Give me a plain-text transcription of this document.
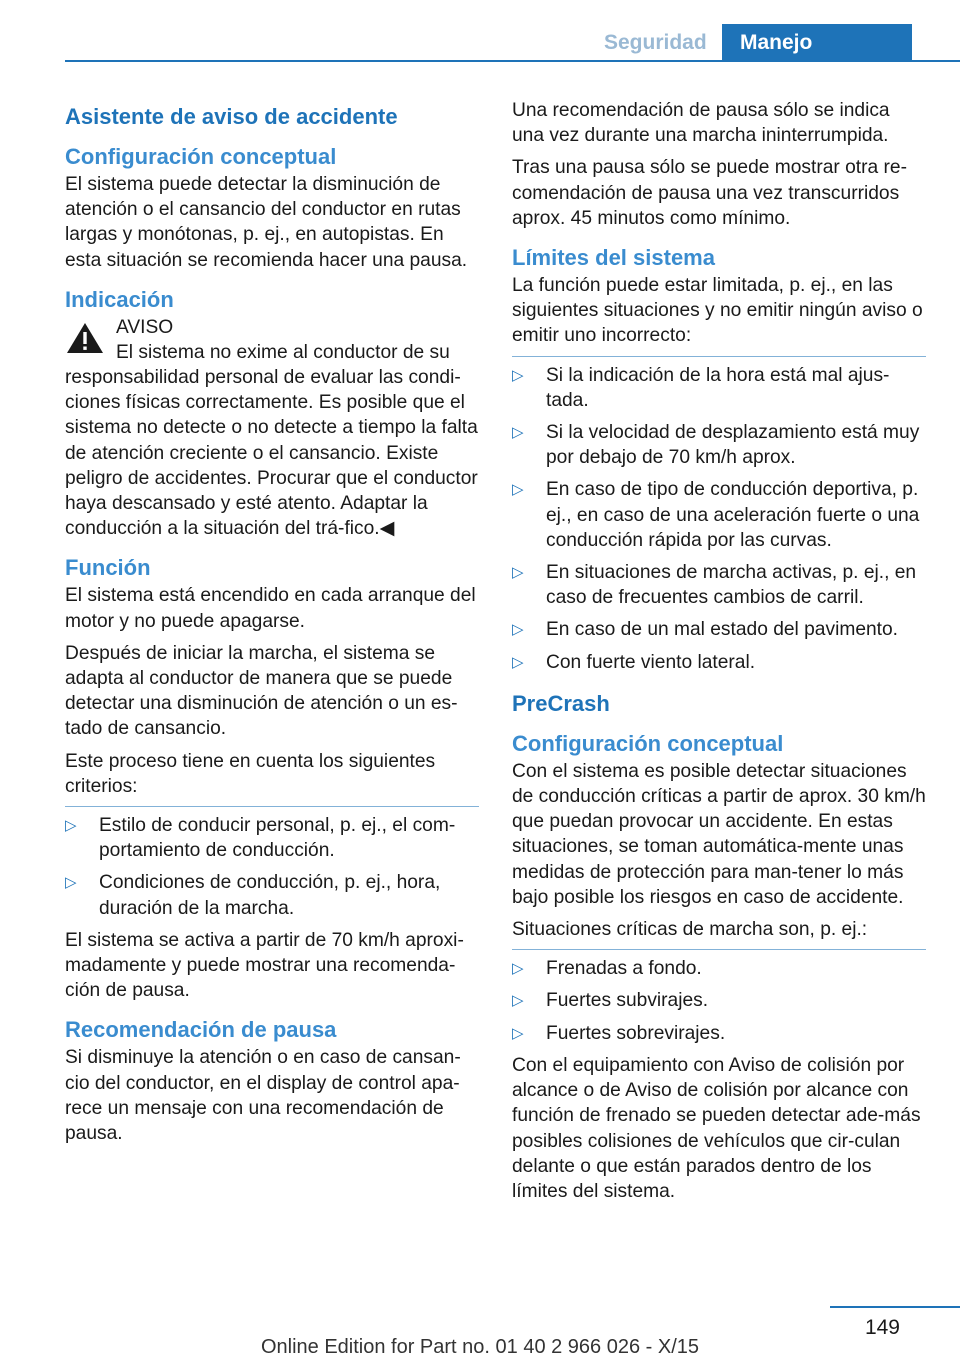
Seguridad	Manejo
Asistente de aviso de accidente
Configuración conceptual

El sistema puede detectar la disminución de atención o el cansancio del conductor en rutas largas y monótonas, p. ej., en autopistas. En esta situación se recomienda hacer una pausa.

Indicación
AVISO

El sistema no exime al conductor de su responsabilidad personal de evaluar las condi-ciones físicas correctamente. Es posible que el sistema no detecte o no detecte a tiempo la falta de atención creciente o el cansancio. Existe peligro de accidentes. Procurar que el conductor haya descansado y esté atento. Adaptar la conducción a la situación del trá-fico.◀

Función

El sistema está encendido en cada arranque del motor y no puede apagarse.

Después de iniciar la marcha, el sistema se adapta al conductor de manera que se puede detectar una disminución de atención o un es-tado de cansancio.

Este proceso tiene en cuenta los siguientes criterios:

▷ Estilo de conducir personal, p. ej., el com-portamiento de conducción.
▷ Condiciones de conducción, p. ej., hora, duración de la marcha.

El sistema se activa a partir de 70 km/h aproxi-madamente y puede mostrar una recomenda-ción de pausa.

Recomendación de pausa

Si disminuye la atención o en caso de cansan-cio del conductor, en el display de control apa-rece un mensaje con una recomendación de pausa.

Una recomendación de pausa sólo se indica una vez durante una marcha ininterrumpida.

Tras una pausa sólo se puede mostrar otra re-comendación de pausa una vez transcurridos aprox. 45 minutos como mínimo.

Límites del sistema

La función puede estar limitada, p. ej., en las siguientes situaciones y no emitir ningún aviso o emitir uno incorrecto:

▷ Si la indicación de la hora está mal ajus-tada.
▷ Si la velocidad de desplazamiento está muy por debajo de 70 km/h aprox.
▷ En caso de tipo de conducción deportiva, p. ej., en caso de una aceleración fuerte o una conducción rápida por las curvas.
▷ En situaciones de marcha activas, p. ej., en caso de frecuentes cambios de carril.
▷ En caso de un mal estado del pavimento.
▷ Con fuerte viento lateral.
PreCrash
Configuración conceptual

Con el sistema es posible detectar situaciones de conducción críticas a partir de aprox. 30 km/h que puedan provocar un accidente. En estas situaciones, se toman automática-mente unas medidas de protección para man-tener lo más bajo posible los riesgos en caso de accidente.

Situaciones críticas de marcha son, p. ej.:

▷ Frenadas a fondo.
▷ Fuertes subvirajes.
▷ Fuertes sobrevirajes.

Con el equipamiento con Aviso de colisión por alcance o de Aviso de colisión por alcance con función de frenado se pueden detectar ade-más posibles colisiones de vehículos que cir-culan delante o que están parados dentro de los límites del sistema.

149
Online Edition for Part no. 01 40 2 966 026 - X/15
